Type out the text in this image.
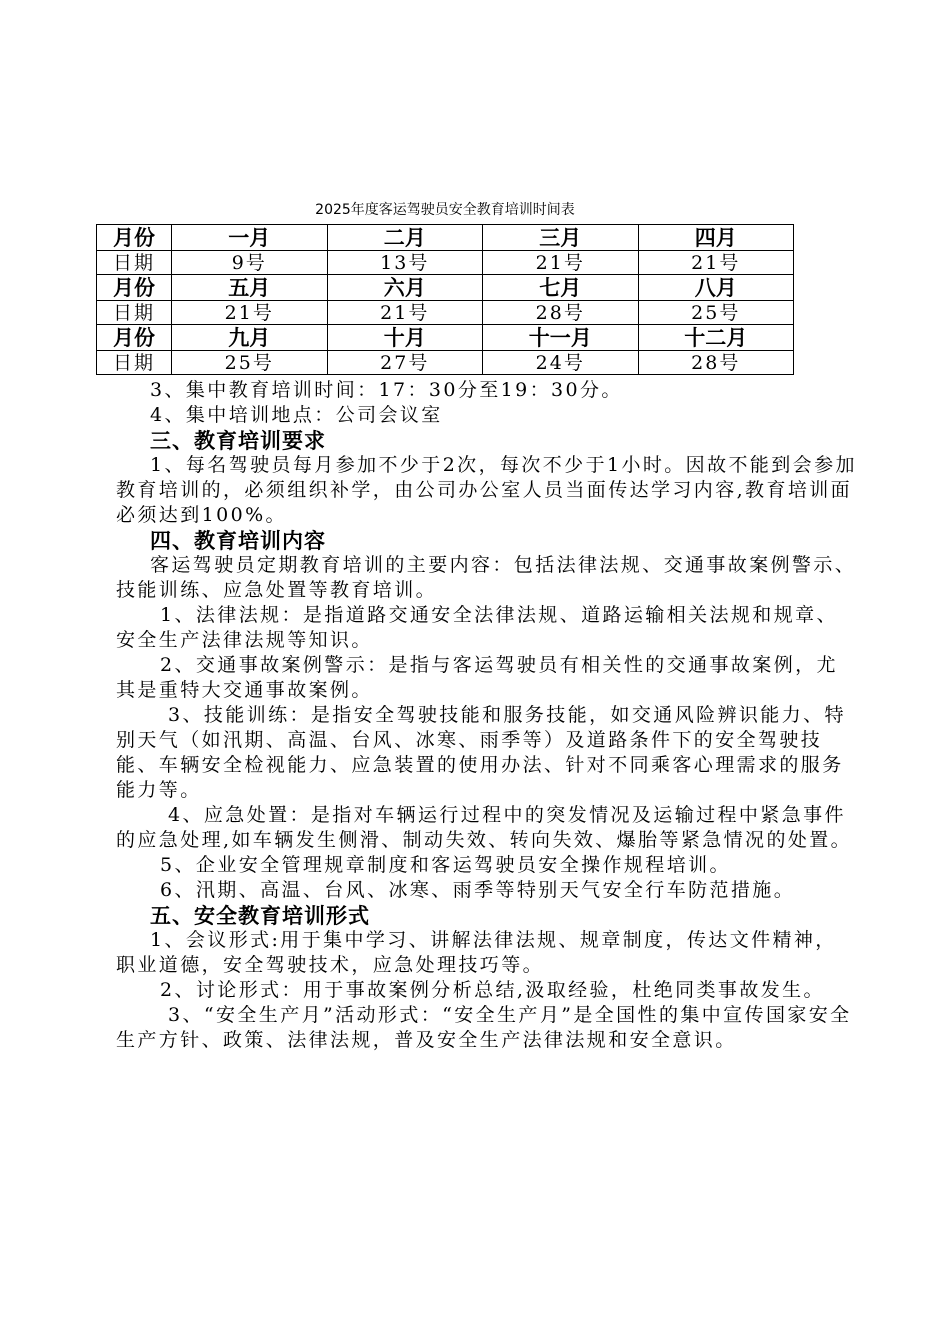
2025年度客运驾驶员安全教育培训时间表
月份	一月	二月	三月	四月
日期	9号	13号	21号	21号
月份	五月	六月	七月	八月
日期	21号	21号	28号	25号
月份	九月	十月	十一月	十二月
日期	25号	27号	24号	28号

3、集中教育培训时间：17：30分至19：30分。

4、集中培训地点：公司会议室

三、教育培训要求

1、每名驾驶员每月参加不少于2次，每次不少于1小时。因故不能到会参加教育培训的，必须组织补学，由公司办公室人员当面传达学习内容,教育培训面必须达到100%。

四、教育培训内容

客运驾驶员定期教育培训的主要内容：包括法律法规、交通事故案例警示、技能训练、应急处置等教育培训。

1、法律法规：是指道路交通安全法律法规、道路运输相关法规和规章、安全生产法律法规等知识。

2、交通事故案例警示：是指与客运驾驶员有相关性的交通事故案例，尤其是重特大交通事故案例。

3、技能训练：是指安全驾驶技能和服务技能，如交通风险辨识能力、特别天气（如汛期、高温、台风、冰寒、雨季等）及道路条件下的安全驾驶技能、车辆安全检视能力、应急装置的使用办法、针对不同乘客心理需求的服务能力等。

4、应急处置：是指对车辆运行过程中的突发情况及运输过程中紧急事件的应急处理,如车辆发生侧滑、制动失效、转向失效、爆胎等紧急情况的处置。

5、企业安全管理规章制度和客运驾驶员安全操作规程培训。

6、汛期、高温、台风、冰寒、雨季等特别天气安全行车防范措施。

五、安全教育培训形式

1、会议形式:用于集中学习、讲解法律法规、规章制度，传达文件精神，职业道德，安全驾驶技术，应急处理技巧等。

2、讨论形式：用于事故案例分析总结,汲取经验，杜绝同类事故发生。

3、“安全生产月”活动形式：“安全生产月”是全国性的集中宣传国家安全生产方针、政策、法律法规，普及安全生产法律法规和安全意识。
